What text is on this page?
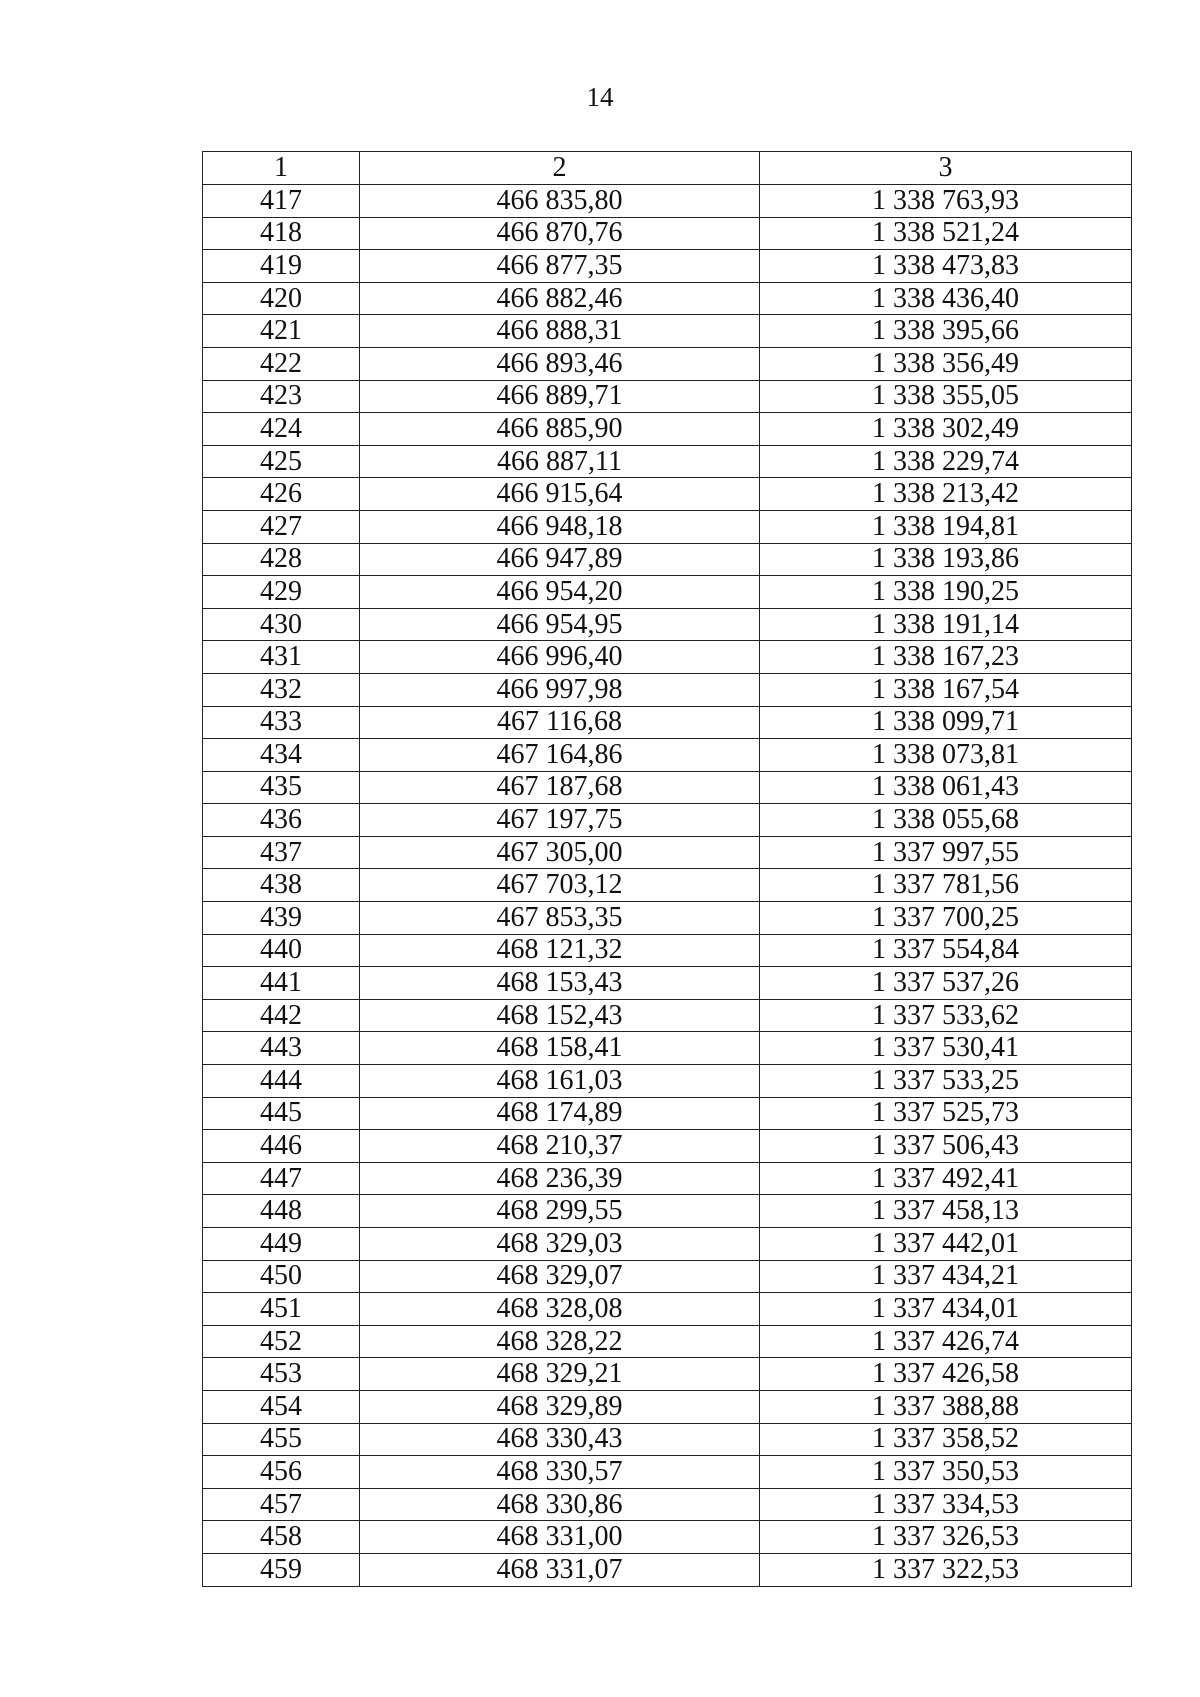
14
1	2	3
417	466 835,80	1 338 763,93
418	466 870,76	1 338 521,24
419	466 877,35	1 338 473,83
420	466 882,46	1 338 436,40
421	466 888,31	1 338 395,66
422	466 893,46	1 338 356,49
423	466 889,71	1 338 355,05
424	466 885,90	1 338 302,49
425	466 887,11	1 338 229,74
426	466 915,64	1 338 213,42
427	466 948,18	1 338 194,81
428	466 947,89	1 338 193,86
429	466 954,20	1 338 190,25
430	466 954,95	1 338 191,14
431	466 996,40	1 338 167,23
432	466 997,98	1 338 167,54
433	467 116,68	1 338 099,71
434	467 164,86	1 338 073,81
435	467 187,68	1 338 061,43
436	467 197,75	1 338 055,68
437	467 305,00	1 337 997,55
438	467 703,12	1 337 781,56
439	467 853,35	1 337 700,25
440	468 121,32	1 337 554,84
441	468 153,43	1 337 537,26
442	468 152,43	1 337 533,62
443	468 158,41	1 337 530,41
444	468 161,03	1 337 533,25
445	468 174,89	1 337 525,73
446	468 210,37	1 337 506,43
447	468 236,39	1 337 492,41
448	468 299,55	1 337 458,13
449	468 329,03	1 337 442,01
450	468 329,07	1 337 434,21
451	468 328,08	1 337 434,01
452	468 328,22	1 337 426,74
453	468 329,21	1 337 426,58
454	468 329,89	1 337 388,88
455	468 330,43	1 337 358,52
456	468 330,57	1 337 350,53
457	468 330,86	1 337 334,53
458	468 331,00	1 337 326,53
459	468 331,07	1 337 322,53
